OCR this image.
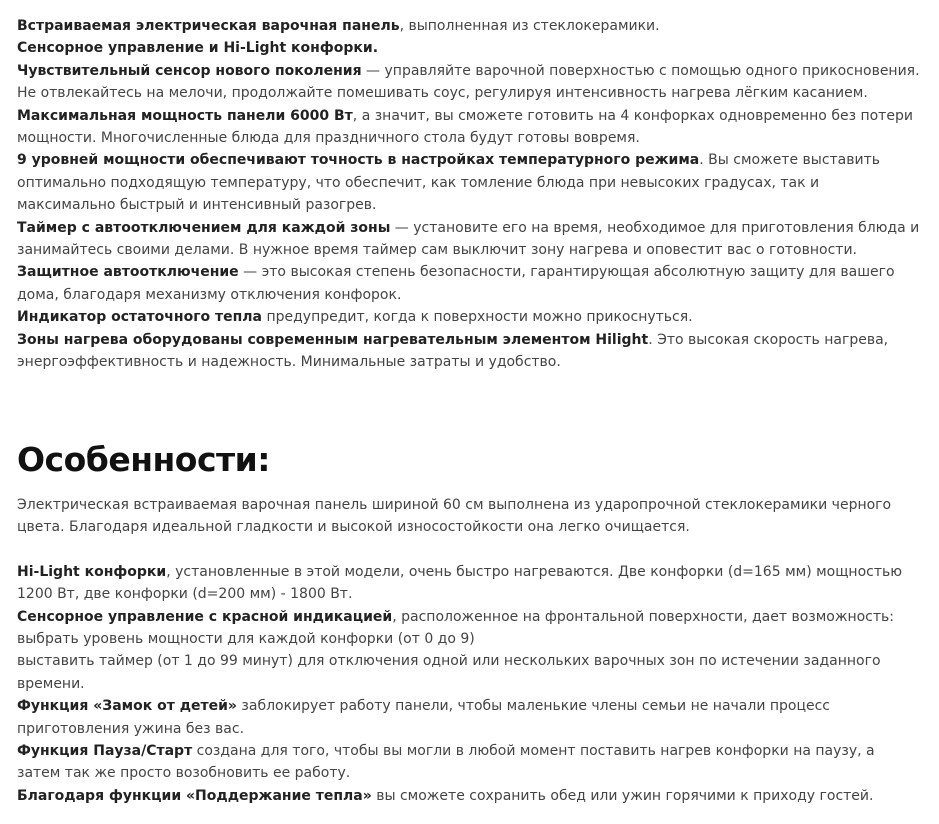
Встраиваемая электрическая варочная панель, выполненная из стеклокерамики.

Сенсорное управление и Hi-Light конфорки.

Чувствительный сенсор нового поколения — управляйте варочной поверхностью с помощью одного прикосновения. Не отвлекайтесь на мелочи, продолжайте помешивать соус, регулируя интенсивность нагрева лёгким касанием.

Максимальная мощность панели 6000 Вт, а значит, вы сможете готовить на 4 конфорках одновременно без потери мощности. Многочисленные блюда для праздничного стола будут готовы вовремя.

9 уровней мощности обеспечивают точность в настройках температурного режима. Вы сможете выставить оптимально подходящую температуру, что обеспечит, как томление блюда при невысоких градусах, так и максимально быстрый и интенсивный разогрев.

Таймер с автоотключением для каждой зоны — установите его на время, необходимое для приготовления блюда и занимайтесь своими делами. В нужное время таймер сам выключит зону нагрева и оповестит вас о готовности.

Защитное автоотключение — это высокая степень безопасности, гарантирующая абсолютную защиту для вашего дома, благодаря механизму отключения конфорок.

Индикатор остаточного тепла предупредит, когда к поверхности можно прикоснуться.

Зоны нагрева оборудованы современным нагревательным элементом Hilight. Это высокая скорость нагрева, энергоэффективность и надежность. Минимальные затраты и удобство.

Особенности:

Электрическая встраиваемая варочная панель шириной 60 см выполнена из ударопрочной стеклокерамики черного цвета. Благодаря идеальной гладкости и высокой износостойкости она легко очищается.

Hi-Light конфорки, установленные в этой модели, очень быстро нагреваются. Две конфорки (d=165 мм) мощностью 1200 Вт, две конфорки (d=200 мм) - 1800 Вт.

Сенсорное управление с красной индикацией, расположенное на фронтальной поверхности, дает возможность:

выбрать уровень мощности для каждой конфорки (от 0 до 9)

выставить таймер (от 1 до 99 минут) для отключения одной или нескольких варочных зон по истечении заданного времени.

Функция «Замок от детей» заблокирует работу панели, чтобы маленькие члены семьи не начали процесс приготовления ужина без вас.

Функция Пауза/Старт создана для того, чтобы вы могли в любой момент поставить нагрев конфорки на паузу, а затем так же просто возобновить ее работу.

Благодаря функции «Поддержание тепла» вы сможете сохранить обед или ужин горячими к приходу гостей.
